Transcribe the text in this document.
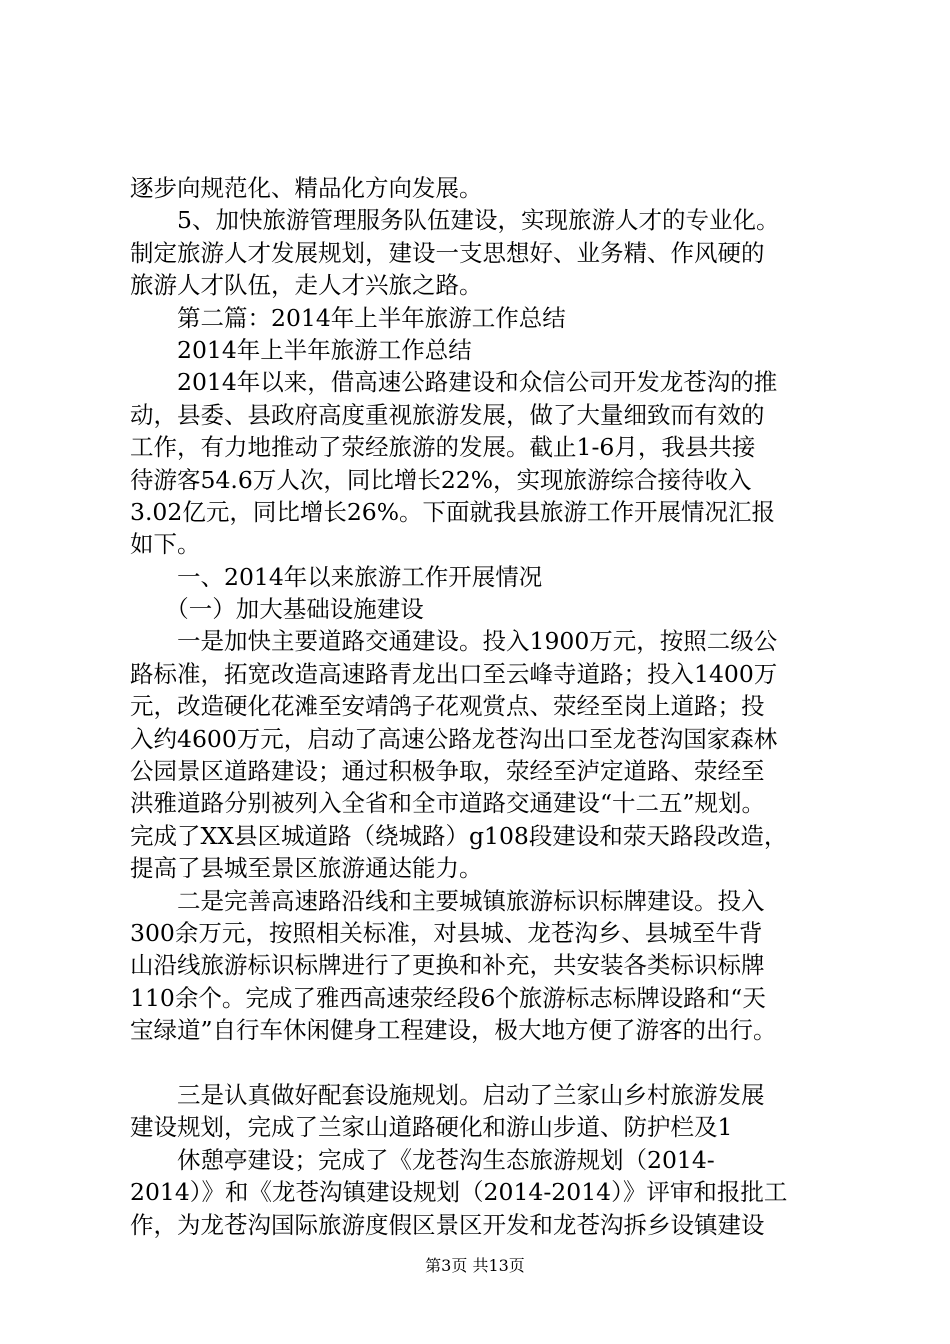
逐步向规范化、精品化方向发展。
　　5、加快旅游管理服务队伍建设，实现旅游人才的专业化。
制定旅游人才发展规划，建设一支思想好、业务精、作风硬的
旅游人才队伍，走人才兴旅之路。
　　第二篇：2014年上半年旅游工作总结
　　2014年上半年旅游工作总结
　　2014年以来，借高速公路建设和众信公司开发龙苍沟的推
动，县委、县政府高度重视旅游发展，做了大量细致而有效的
工作，有力地推动了荥经旅游的发展。截止1-6月，我县共接
待游客54.6万人次，同比增长22%，实现旅游综合接待收入
3.02亿元，同比增长26%。下面就我县旅游工作开展情况汇报
如下。
　　一、2014年以来旅游工作开展情况
　　（一）加大基础设施建设
　　一是加快主要道路交通建设。投入1900万元，按照二级公
路标准，拓宽改造高速路青龙出口至云峰寺道路；投入1400万
元，改造硬化花滩至安靖鸽子花观赏点、荥经至岗上道路；投
入约4600万元，启动了高速公路龙苍沟出口至龙苍沟国家森林
公园景区道路建设；通过积极争取，荥经至泸定道路、荥经至
洪雅道路分别被列入全省和全市道路交通建设“十二五”规划。
完成了XX县区城道路（绕城路）g108段建设和荥天路段改造，
提高了县城至景区旅游通达能力。
　　二是完善高速路沿线和主要城镇旅游标识标牌建设。投入
300余万元，按照相关标准，对县城、龙苍沟乡、县城至牛背
山沿线旅游标识标牌进行了更换和补充，共安装各类标识标牌
110余个。完成了雅西高速荥经段6个旅游标志标牌设路和“天
宝绿道”自行车休闲健身工程建设，极大地方便了游客的出行。
　　三是认真做好配套设施规划。启动了兰家山乡村旅游发展
建设规划，完成了兰家山道路硬化和游山步道、防护栏及1
　　休憩亭建设；完成了《龙苍沟生态旅游规划（2014-
2014）》和《龙苍沟镇建设规划（2014-2014）》评审和报批工
作，为龙苍沟国际旅游度假区景区开发和龙苍沟拆乡设镇建设
第3页 共13页
